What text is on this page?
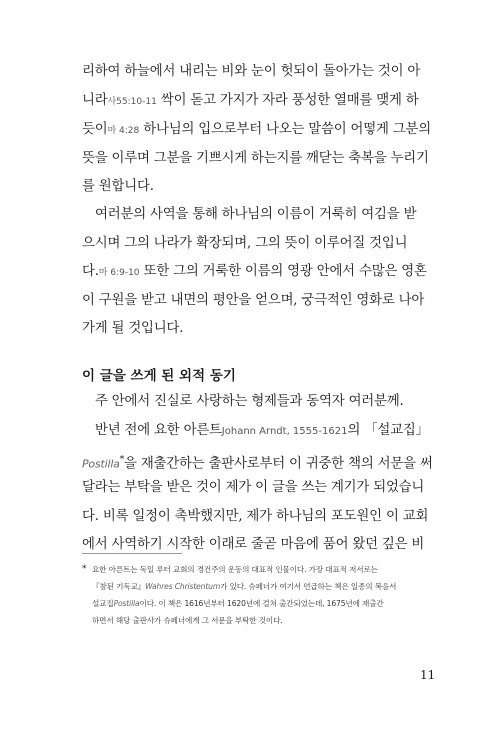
리하여 하늘에서 내리는 비와 눈이 헛되이 돌아가는 것이 아
니라사55:10-11 싹이 돋고 가지가 자라 풍성한 열매를 맺게 하
듯이마 4:28 하나님의 입으로부터 나오는 말씀이 어떻게 그분의
뜻을 이루며 그분을 기쁘시게 하는지를 깨닫는 축복을 누리기
를 원합니다.
여러분의 사역을 통해 하나님의 이름이 거룩히 여김을 받
으시며 그의 나라가 확장되며, 그의 뜻이 이루어질 것입니
다.마 6:9-10 또한 그의 거룩한 이름의 영광 안에서 수많은 영혼
이 구원을 받고 내면의 평안을 얻으며, 궁극적인 영화로 나아
가게 될 것입니다.
이 글을 쓰게 된 외적 동기
주 안에서 진실로 사랑하는 형제들과 동역자 여러분께.
반년 전에 요한 아른트Johann Arndt, 1555-1621의 「설교집」
Postilla*을 재출간하는 출판사로부터 이 귀중한 책의 서문을 써
달라는 부탁을 받은 것이 제가 이 글을 쓰는 계기가 되었습니
다. 비록 일정이 촉박했지만, 제가 하나님의 포도원인 이 교회
에서 사역하기 시작한 이래로 줄곧 마음에 품어 왔던 깊은 비
* 요한 아른트는 독일 루터 교회의 경건주의 운동의 대표적 인물이다. 가장 대표적 저서로는
『참된 기독교』Wahres Christentum가 있다. 슈페너가 여기서 언급하는 책은 일종의 복음서
설교집Postilla이다. 이 책은 1616년부터 1620년에 걸쳐 출간되었는데, 1675년에 재출간
하면서 해당 출판사가 슈페너에게 그 서문을 부탁한 것이다.
11
